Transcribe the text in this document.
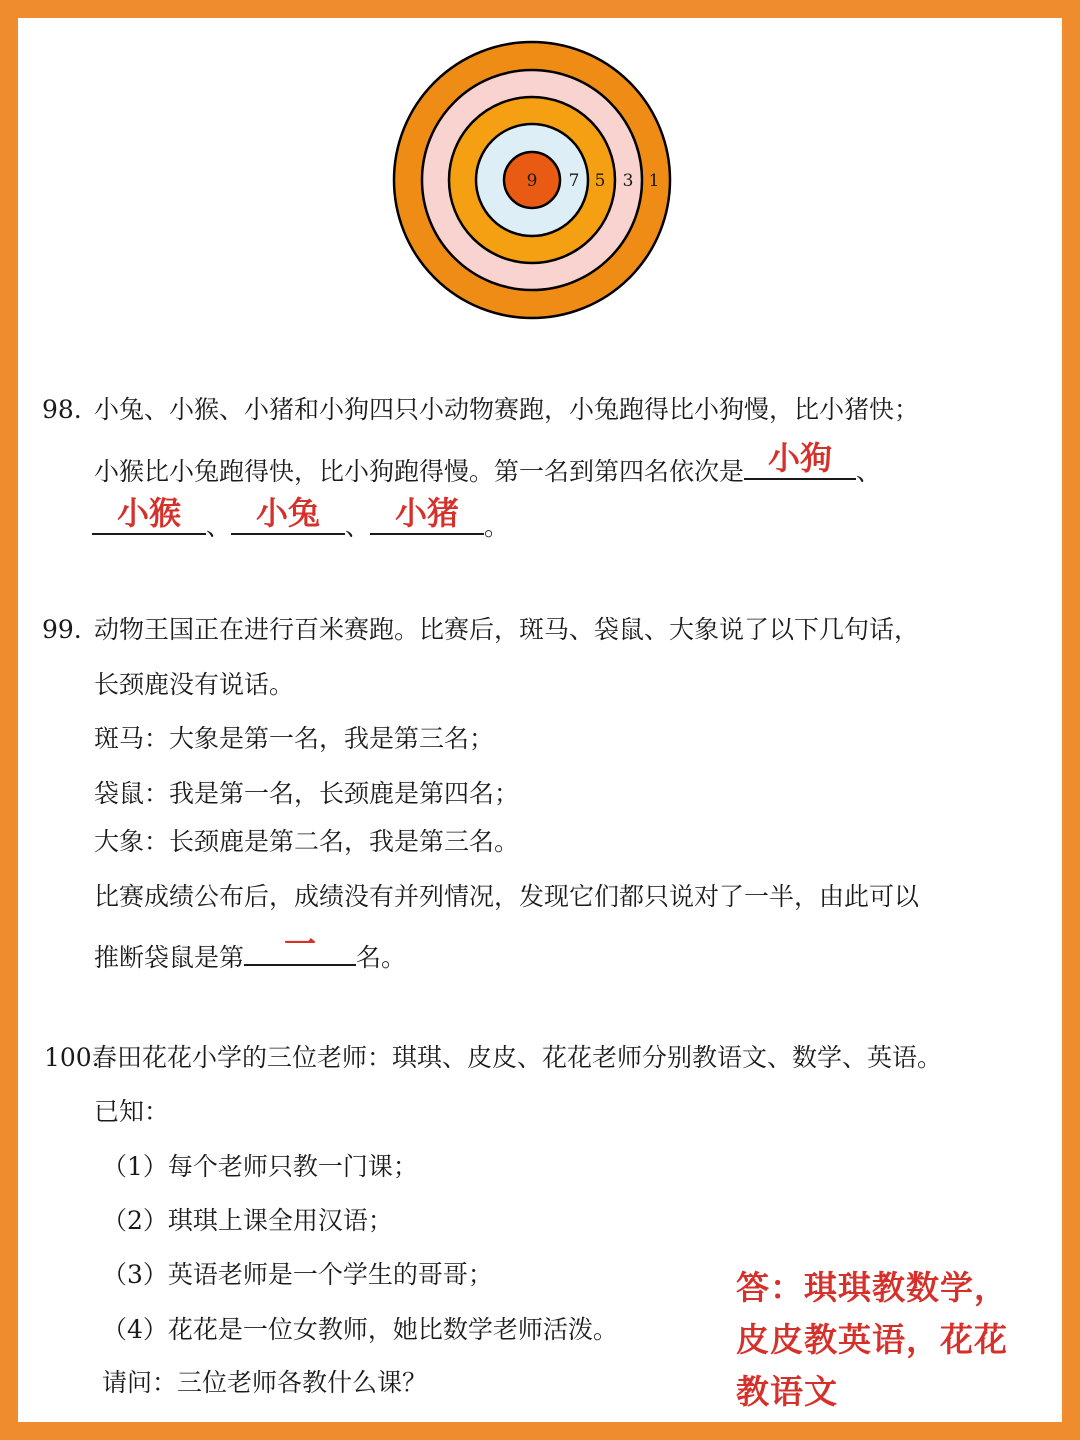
9 7 5 3 1
98. 小兔、小猴、小猪和小狗四只小动物赛跑，小兔跑得比小狗慢，比小猪快；
小猴比小兔跑得快，比小狗跑得慢。第一名到第四名依次是 小狗 、
小猴	、 小兔	、 小猪	。
99. 动物王国正在进行百米赛跑。比赛后，斑马、袋鼠、大象说了以下几句话，
长颈鹿没有说话。
斑马：大象是第一名，我是第三名；
袋鼠：我是第一名，长颈鹿是第四名；
大象：长颈鹿是第二名，我是第三名。
比赛成绩公布后，成绩没有并列情况，发现它们都只说对了一半，由此可以
推断袋鼠是第	一	名。
100.
春田花花小学的三位老师：琪琪、皮皮、花花老师分别教语文、数学、英语。
已知：
（1）每个老师只教一门课；
（2）琪琪上课全用汉语；
（3）英语老师是一个学生的哥哥；
（4）花花是一位女教师，她比数学老师活泼。
请问：三位老师各教什么课？
答：琪琪教数学，
皮皮教英语，花花
教语文
